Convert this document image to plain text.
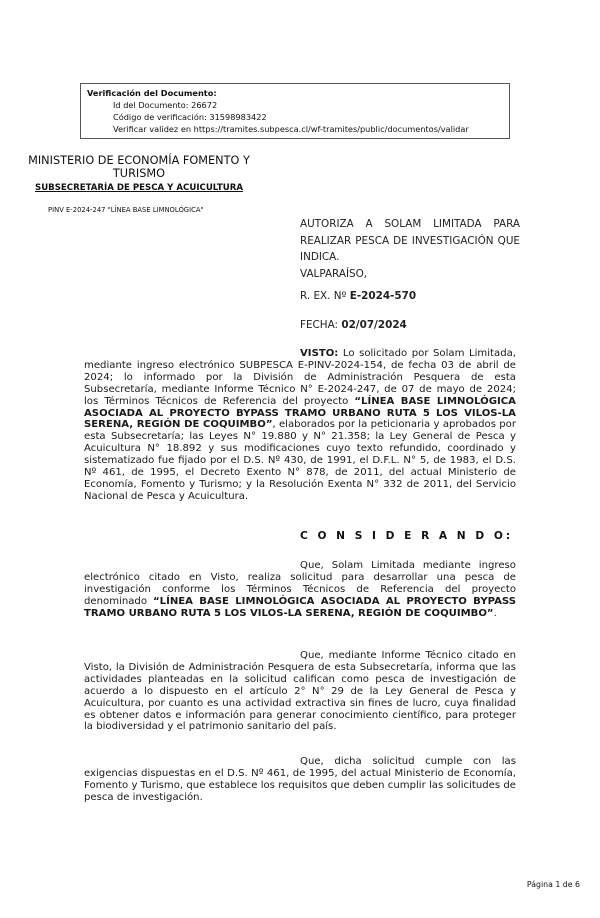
Verificación del Documento:
• Id del Documento: 26672
• Código de verificación: 31598983422
• Verificar validez en https://tramites.subpesca.cl/wf-tramites/public/documentos/validar
MINISTERIO DE ECONOMÍA FOMENTO Y TURISMO
SUBSECRETARÍA DE PESCA Y ACUICULTURA
PINV E-2024-247 "LÍNEA BASE LIMNOLÓGICA"
AUTORIZA A SOLAM LIMITADA PARA REALIZAR PESCA DE INVESTIGACIÓN QUE INDICA.
VALPARAÍSO,
R. EX. Nº E-2024-570
FECHA: 02/07/2024
VISTO: Lo solicitado por Solam Limitada, mediante ingreso electrónico SUBPESCA E-PINV-2024-154, de fecha 03 de abril de 2024; lo informado por la División de Administración Pesquera de esta Subsecretaría, mediante Informe Técnico N° E-2024-247, de 07 de mayo de 2024; los Términos Técnicos de Referencia del proyecto “LÍNEA BASE LIMNOLÓGICA ASOCIADA AL PROYECTO BYPASS TRAMO URBANO RUTA 5 LOS VILOS-LA SERENA, REGIÓN DE COQUIMBO”, elaborados por la peticionaria y aprobados por esta Subsecretaría; las Leyes N° 19.880 y N° 21.358; la Ley General de Pesca y Acuicultura N° 18.892 y sus modificaciones cuyo texto refundido, coordinado y sistematizado fue fijado por el D.S. Nº 430, de 1991, el D.F.L. N° 5, de 1983, el D.S. Nº 461, de 1995, el Decreto Exento N° 878, de 2011, del actual Ministerio de Economía, Fomento y Turismo; y la Resolución Exenta N° 332 de 2011, del Servicio Nacional de Pesca y Acuicultura.
C O N S I D E R A N D O:
Que, Solam Limitada mediante ingreso electrónico citado en Visto, realiza solicitud para desarrollar una pesca de investigación conforme los Términos Técnicos de Referencia del proyecto denominado “LÍNEA BASE LIMNOLÓGICA ASOCIADA AL PROYECTO BYPASS TRAMO URBANO RUTA 5 LOS VILOS-LA SERENA, REGIÓN DE COQUIMBO”.
Que, mediante Informe Técnico citado en Visto, la División de Administración Pesquera de esta Subsecretaría, informa que las actividades planteadas en la solicitud califican como pesca de investigación de acuerdo a lo dispuesto en el artículo 2° N° 29 de la Ley General de Pesca y Acuicultura, por cuanto es una actividad extractiva sin fines de lucro, cuya finalidad es obtener datos e información para generar conocimiento científico, para proteger la biodiversidad y el patrimonio sanitario del país.
Que, dicha solicitud cumple con las exigencias dispuestas en el D.S. Nº 461, de 1995, del actual Ministerio de Economía, Fomento y Turismo, que establece los requisitos que deben cumplir las solicitudes de pesca de investigación.
Página 1 de 6
